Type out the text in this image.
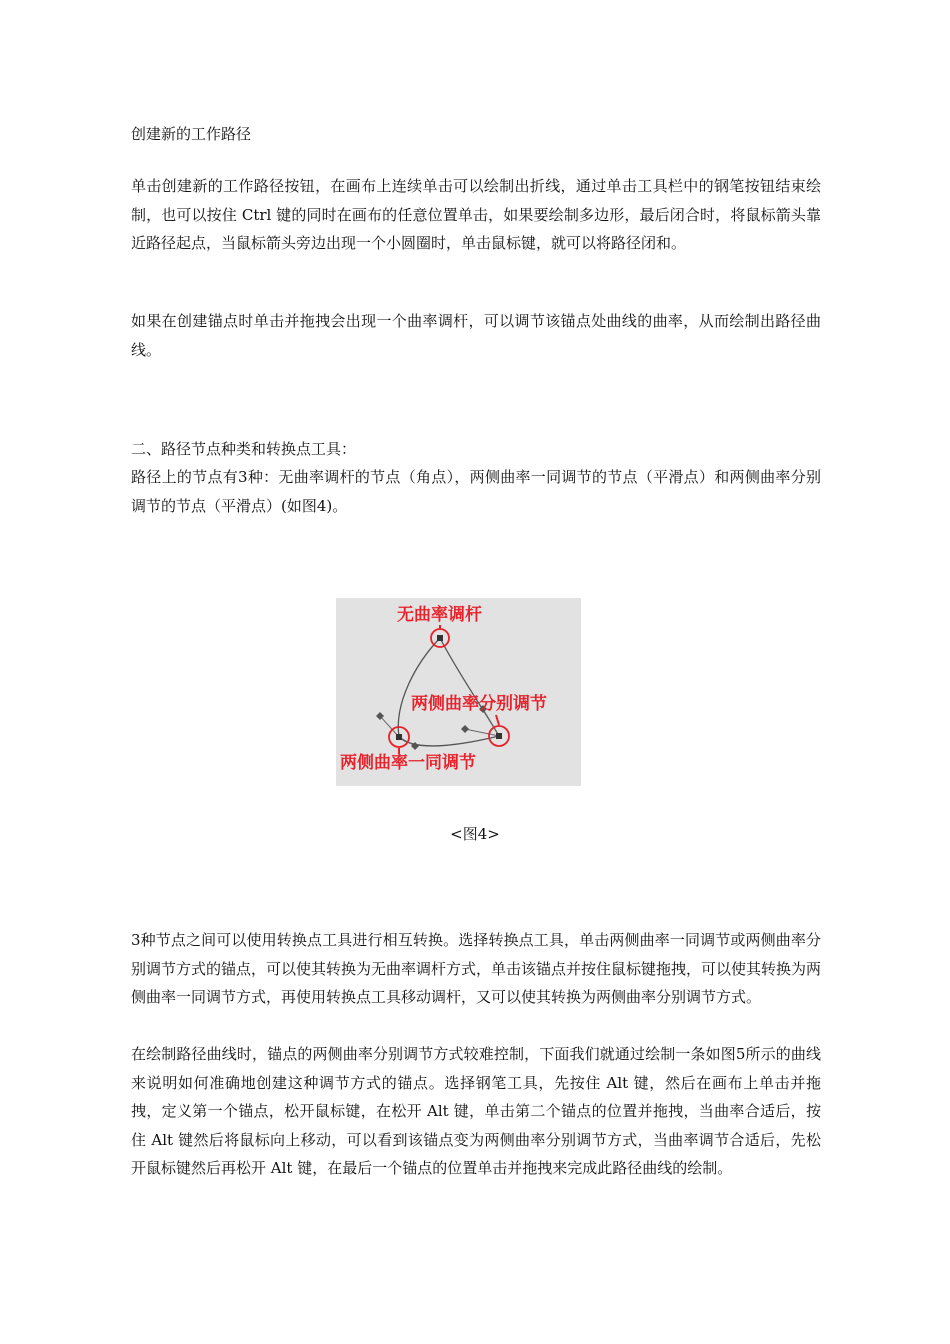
创建新的工作路径

单击创建新的工作路径按钮，在画布上连续单击可以绘制出折线，通过单击工具栏中的钢笔按钮结束绘制，也可以按住 Ctrl 键的同时在画布的任意位置单击，如果要绘制多边形，最后闭合时，将鼠标箭头靠近路径起点，当鼠标箭头旁边出现一个小圆圈时，单击鼠标键，就可以将路径闭和。

如果在创建锚点时单击并拖拽会出现一个曲率调杆，可以调节该锚点处曲线的曲率，从而绘制出路径曲线。

二、路径节点种类和转换点工具：

路径上的节点有3种：无曲率调杆的节点（角点），两侧曲率一同调节的节点（平滑点）和两侧曲率分别调节的节点（平滑点）(如图4)。

无曲率调杆
两侧曲率分别调节
两侧曲率一同调节
<图4>

3种节点之间可以使用转换点工具进行相互转换。选择转换点工具，单击两侧曲率一同调节或两侧曲率分别调节方式的锚点，可以使其转换为无曲率调杆方式，单击该锚点并按住鼠标键拖拽，可以使其转换为两侧曲率一同调节方式，再使用转换点工具移动调杆，又可以使其转换为两侧曲率分别调节方式。

在绘制路径曲线时，锚点的两侧曲率分别调节方式较难控制，下面我们就通过绘制一条如图5所示的曲线来说明如何准确地创建这种调节方式的锚点。选择钢笔工具，先按住 Alt 键，然后在画布上单击并拖拽，定义第一个锚点，松开鼠标键，在松开 Alt 键，单击第二个锚点的位置并拖拽，当曲率合适后，按住 Alt 键然后将鼠标向上移动，可以看到该锚点变为两侧曲率分别调节方式，当曲率调节合适后，先松开鼠标键然后再松开 Alt 键，在最后一个锚点的位置单击并拖拽来完成此路径曲线的绘制。
